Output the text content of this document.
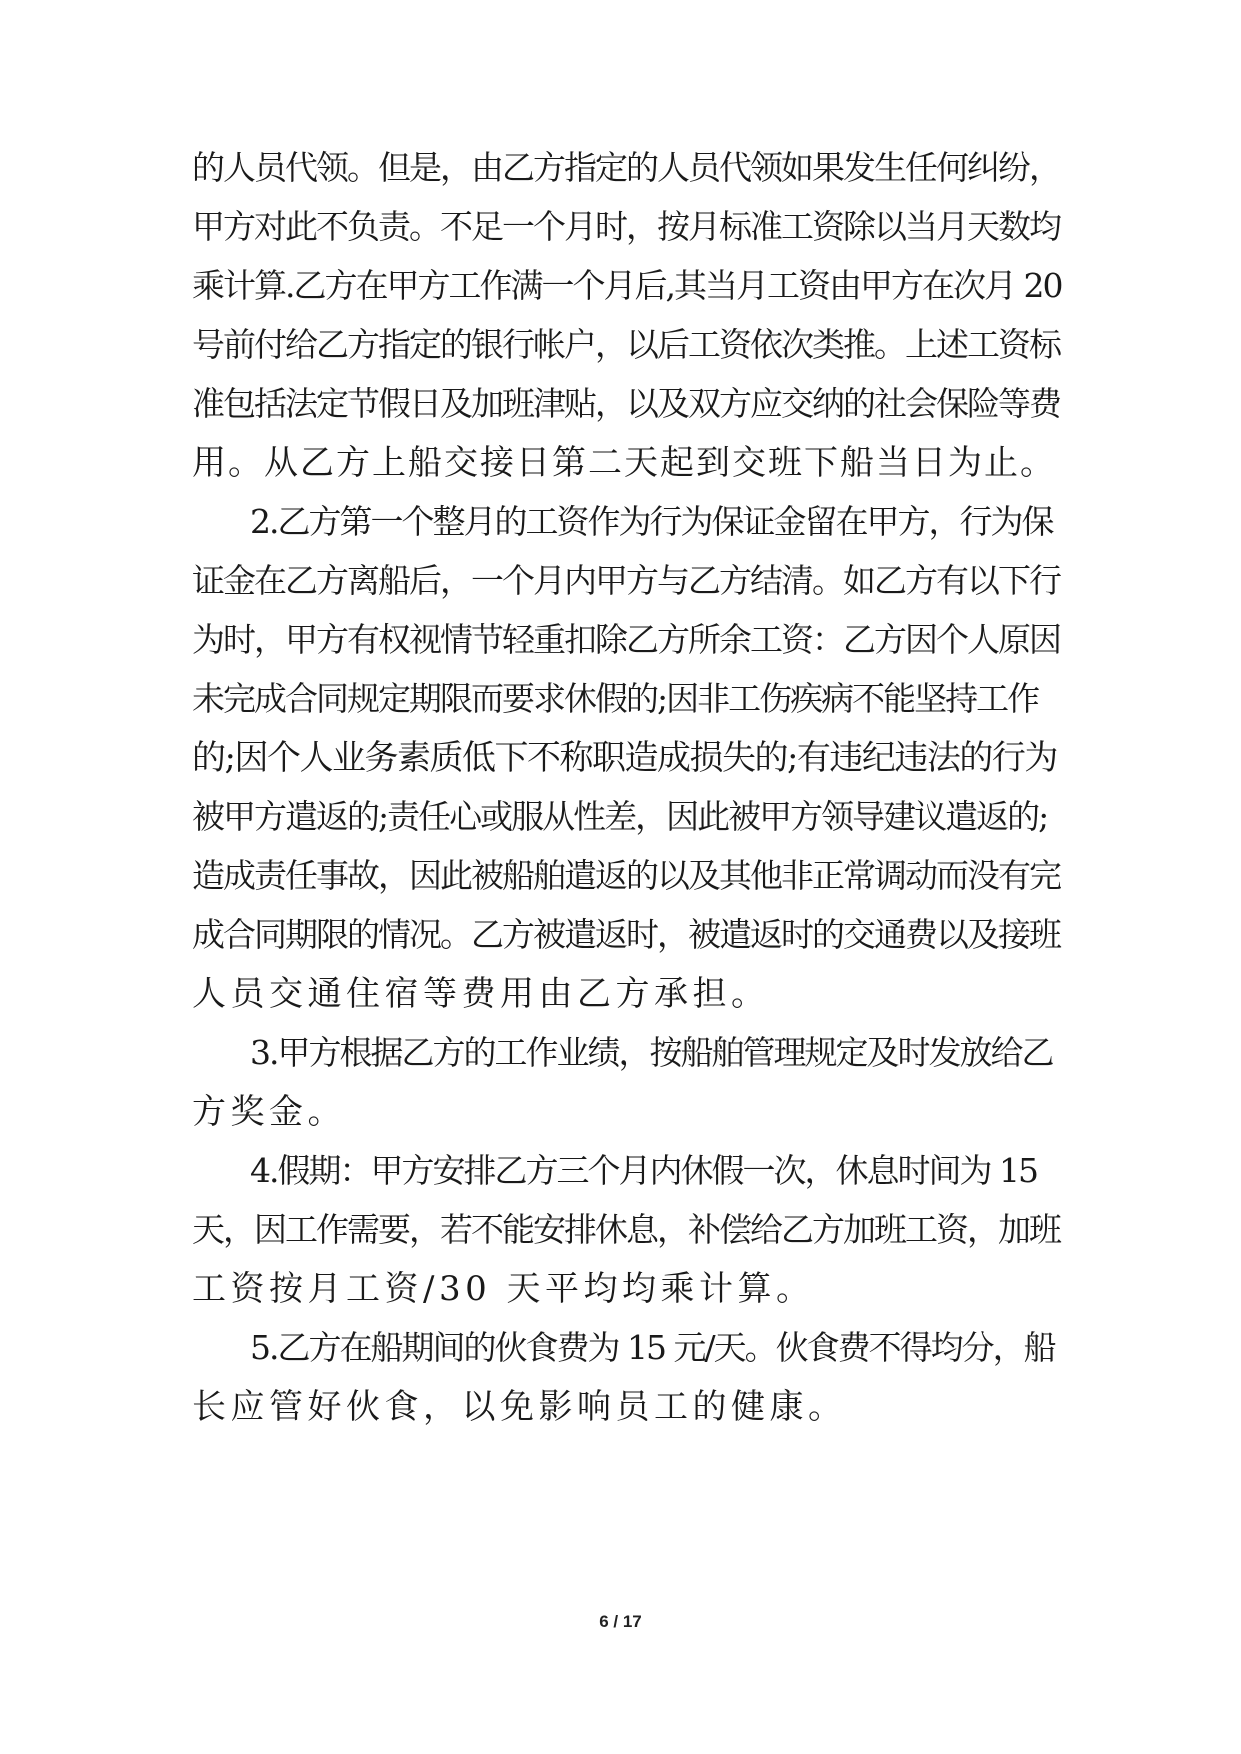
的人员代领。但是，由乙方指定的人员代领如果发生任何纠纷，
甲方对此不负责。不足一个月时，按月标准工资除以当月天数均
乘计算.乙方在甲方工作满一个月后,其当月工资由甲方在次月 20
号前付给乙方指定的银行帐户，以后工资依次类推。上述工资标
准包括法定节假日及加班津贴，以及双方应交纳的社会保险等费
用。从乙方上船交接日第二天起到交班下船当日为止。
2.乙方第一个整月的工资作为行为保证金留在甲方，行为保
证金在乙方离船后，一个月内甲方与乙方结清。如乙方有以下行
为时，甲方有权视情节轻重扣除乙方所余工资：乙方因个人原因
未完成合同规定期限而要求休假的;因非工伤疾病不能坚持工作
的;因个人业务素质低下不称职造成损失的;有违纪违法的行为
被甲方遣返的;责任心或服从性差，因此被甲方领导建议遣返的;
造成责任事故，因此被船舶遣返的以及其他非正常调动而没有完
成合同期限的情况。乙方被遣返时，被遣返时的交通费以及接班
人员交通住宿等费用由乙方承担。
3.甲方根据乙方的工作业绩，按船舶管理规定及时发放给乙
方奖金。
4.假期：甲方安排乙方三个月内休假一次，休息时间为 15
天，因工作需要，若不能安排休息，补偿给乙方加班工资，加班
工资按月工资/30 天平均均乘计算。
5.乙方在船期间的伙食费为 15 元/天。伙食费不得均分，船
长应管好伙食，以免影响员工的健康。
6 / 17
